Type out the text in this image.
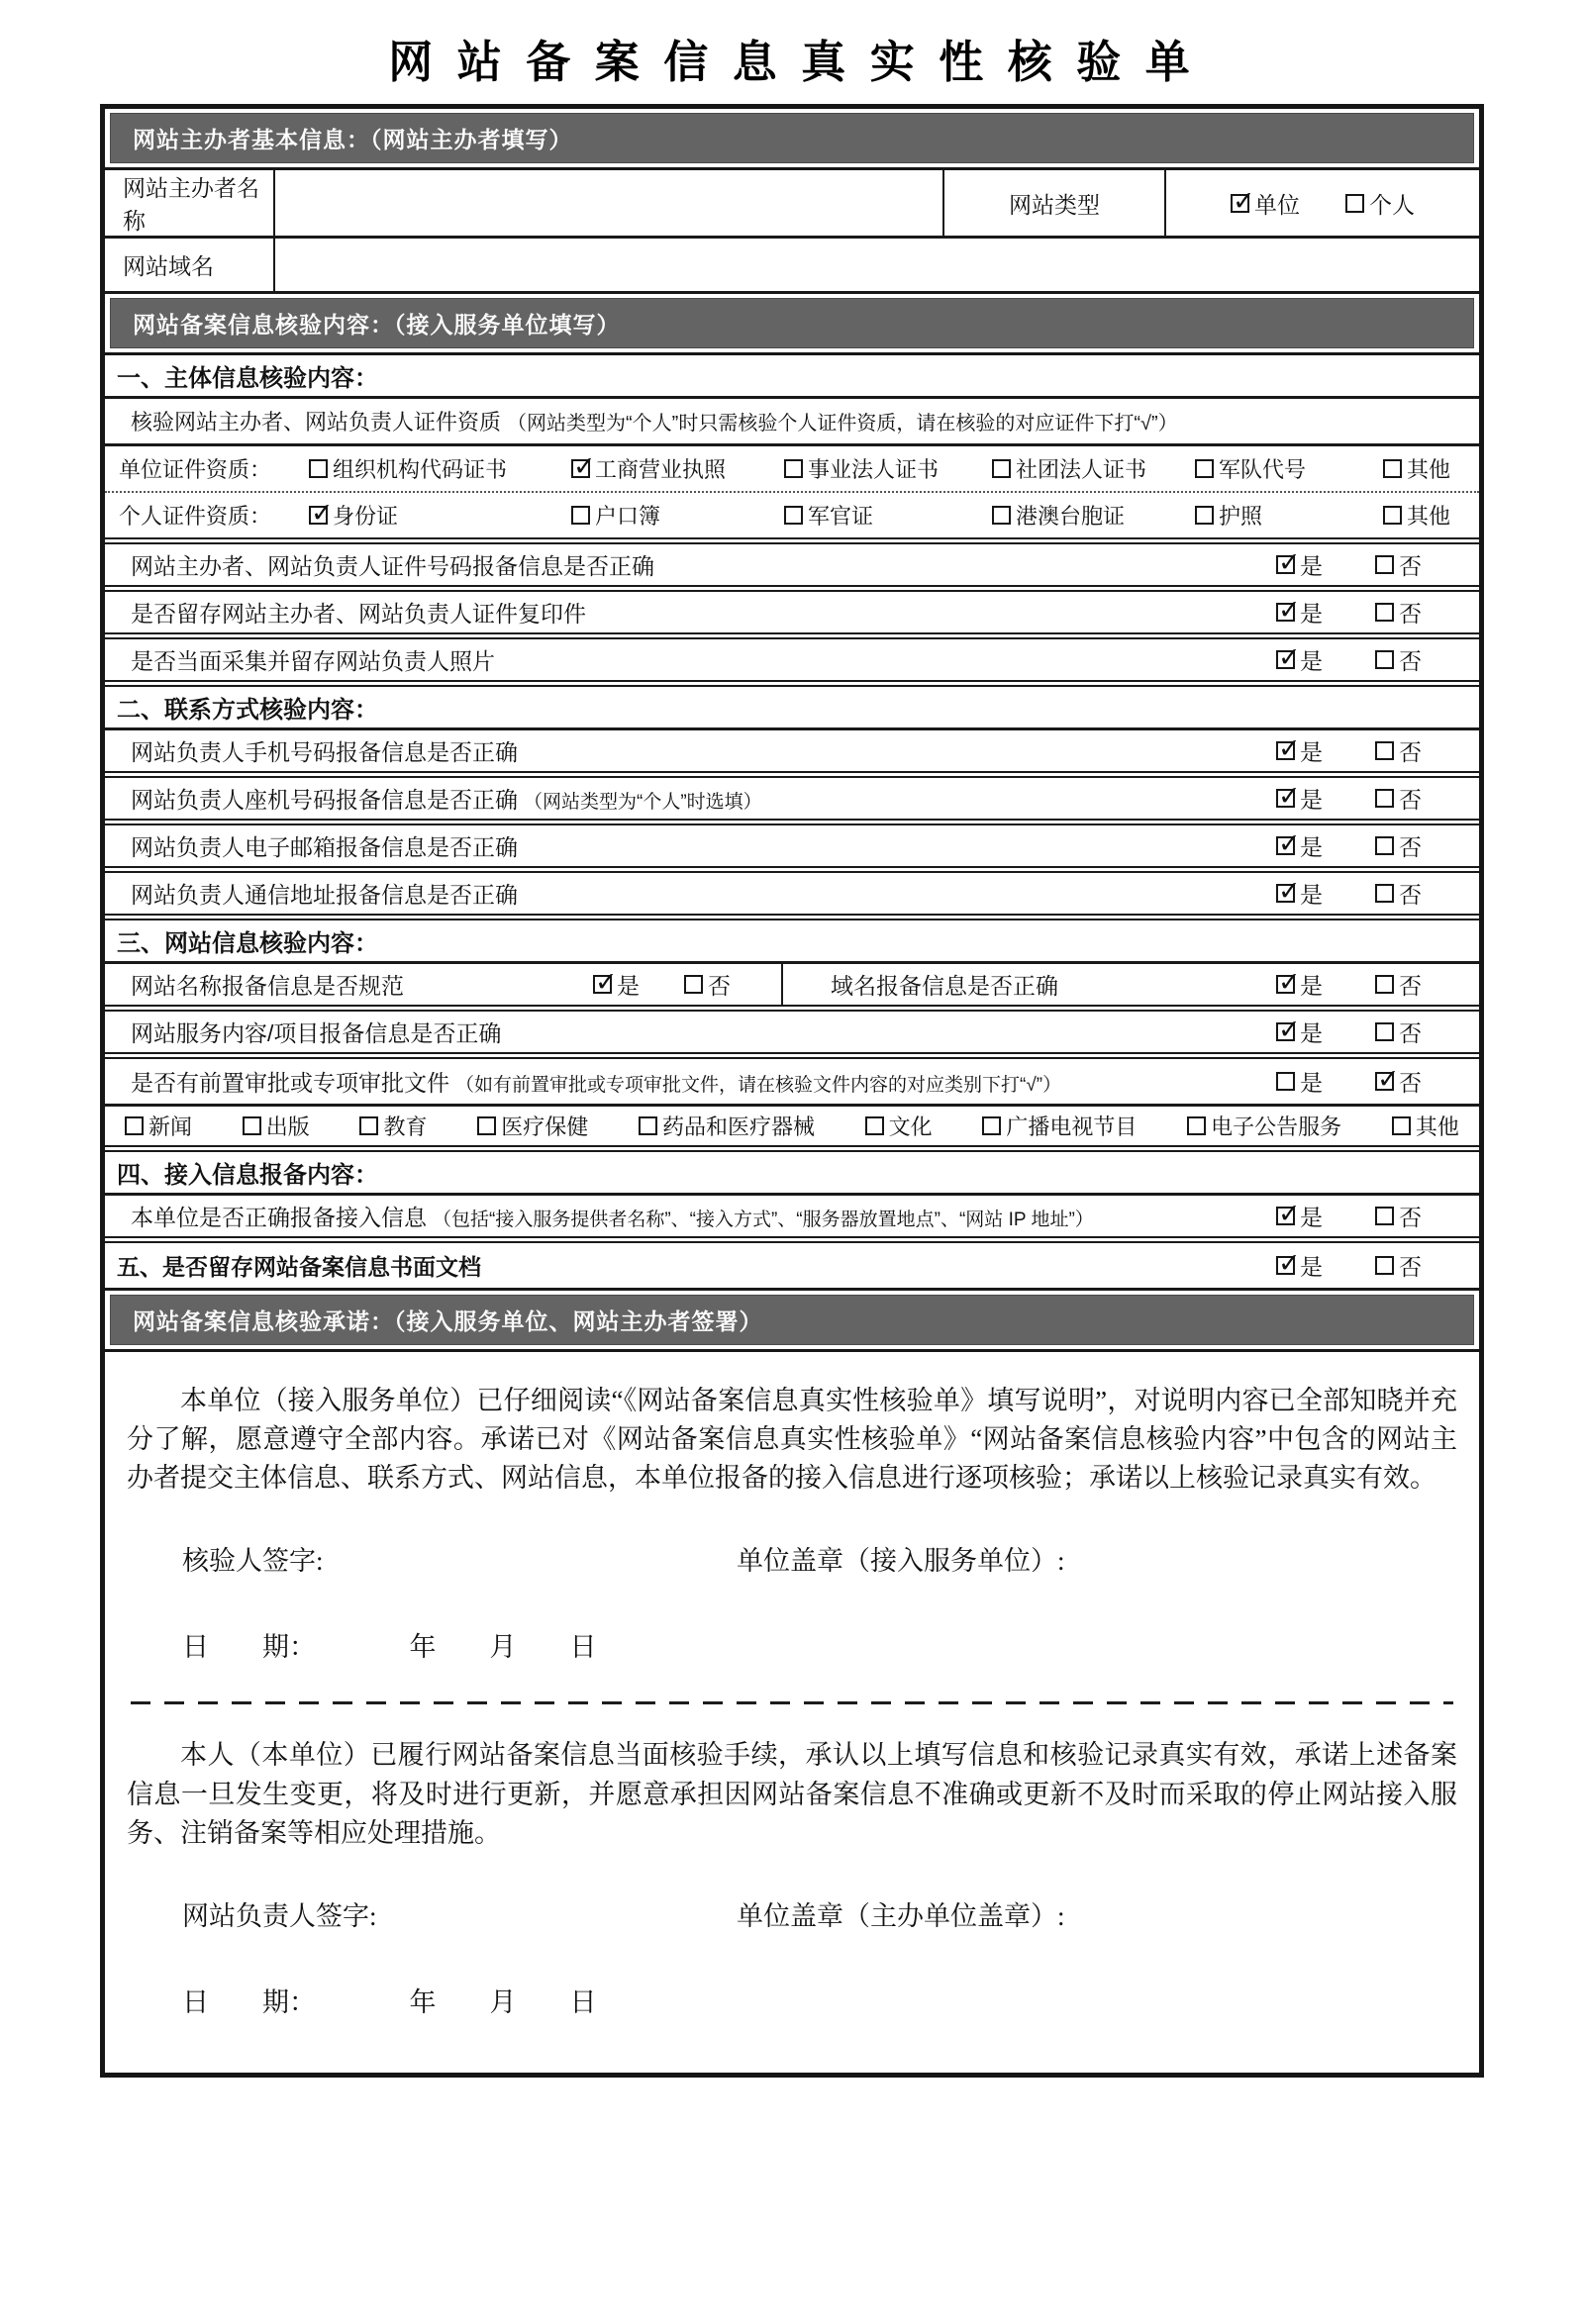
网 站 备 案 信 息 真 实 性 核 验 单
网站主办者基本信息：（网站主办者填写）
网站主办者名称
网站类型 ✓	单位	个人
网站域名
网站备案信息核验内容：（接入服务单位填写）
一、主体信息核验内容：
核验网站主办者、网站负责人证件资质 （网站类型为“个人”时只需核验个人证件资质，请在核验的对应证件下打“√”）
单位证件资质：	组织机构代码证书 ✓	工商营业执照	事业法人证书	社团法人证书	军队代号	其他
个人证件资质： ✓	身份证	户口簿	军官证	港澳台胞证	护照	其他
网站主办者、网站负责人证件号码报备信息是否正确 ✓	是	否
是否留存网站主办者、网站负责人证件复印件 ✓	是	否
是否当面采集并留存网站负责人照片 ✓	是	否
二、联系方式核验内容：
网站负责人手机号码报备信息是否正确 ✓	是	否
网站负责人座机号码报备信息是否正确 （网站类型为“个人”时选填） ✓	是	否
网站负责人电子邮箱报备信息是否正确 ✓	是	否
网站负责人通信地址报备信息是否正确 ✓	是	否
三、网站信息核验内容：
网站名称报备信息是否规范 ✓	是	否	域名报备信息是否正确 ✓	是	否
网站服务内容/项目报备信息是否正确 ✓	是	否
是否有前置审批或专项审批文件 （如有前置审批或专项审批文件，请在核验文件内容的对应类别下打“√”）	是 ✓	否
新闻	出版	教育	医疗保健	药品和医疗器械	文化	广播电视节目	电子公告服务	其他
四、接入信息报备内容：
本单位是否正确报备接入信息 （包括“接入服务提供者名称”、“接入方式”、“服务器放置地点”、“网站 IP 地址”） ✓	是	否
五、是否留存网站备案信息书面文档 ✓	是	否
网站备案信息核验承诺：（接入服务单位、网站主办者签署）

本单位（接入服务单位）已仔细阅读“《网站备案信息真实性核验单》填写说明”，对说明内容已全部知晓并充分了解，愿意遵守全部内容。承诺已对《网站备案信息真实性核验单》“网站备案信息核验内容”中包含的网站主办者提交主体信息、联系方式、网站信息，本单位报备的接入信息进行逐项核验；承诺以上核验记录真实有效。

核验人签字:	单位盖章（接入服务单位）:
日　　期：　　　　年　　月　　日

本人（本单位）已履行网站备案信息当面核验手续，承认以上填写信息和核验记录真实有效，承诺上述备案信息一旦发生变更，将及时进行更新，并愿意承担因网站备案信息不准确或更新不及时而采取的停止网站接入服务、注销备案等相应处理措施。

网站负责人签字:	单位盖章（主办单位盖章）:
日　　期：　　　　年　　月　　日
